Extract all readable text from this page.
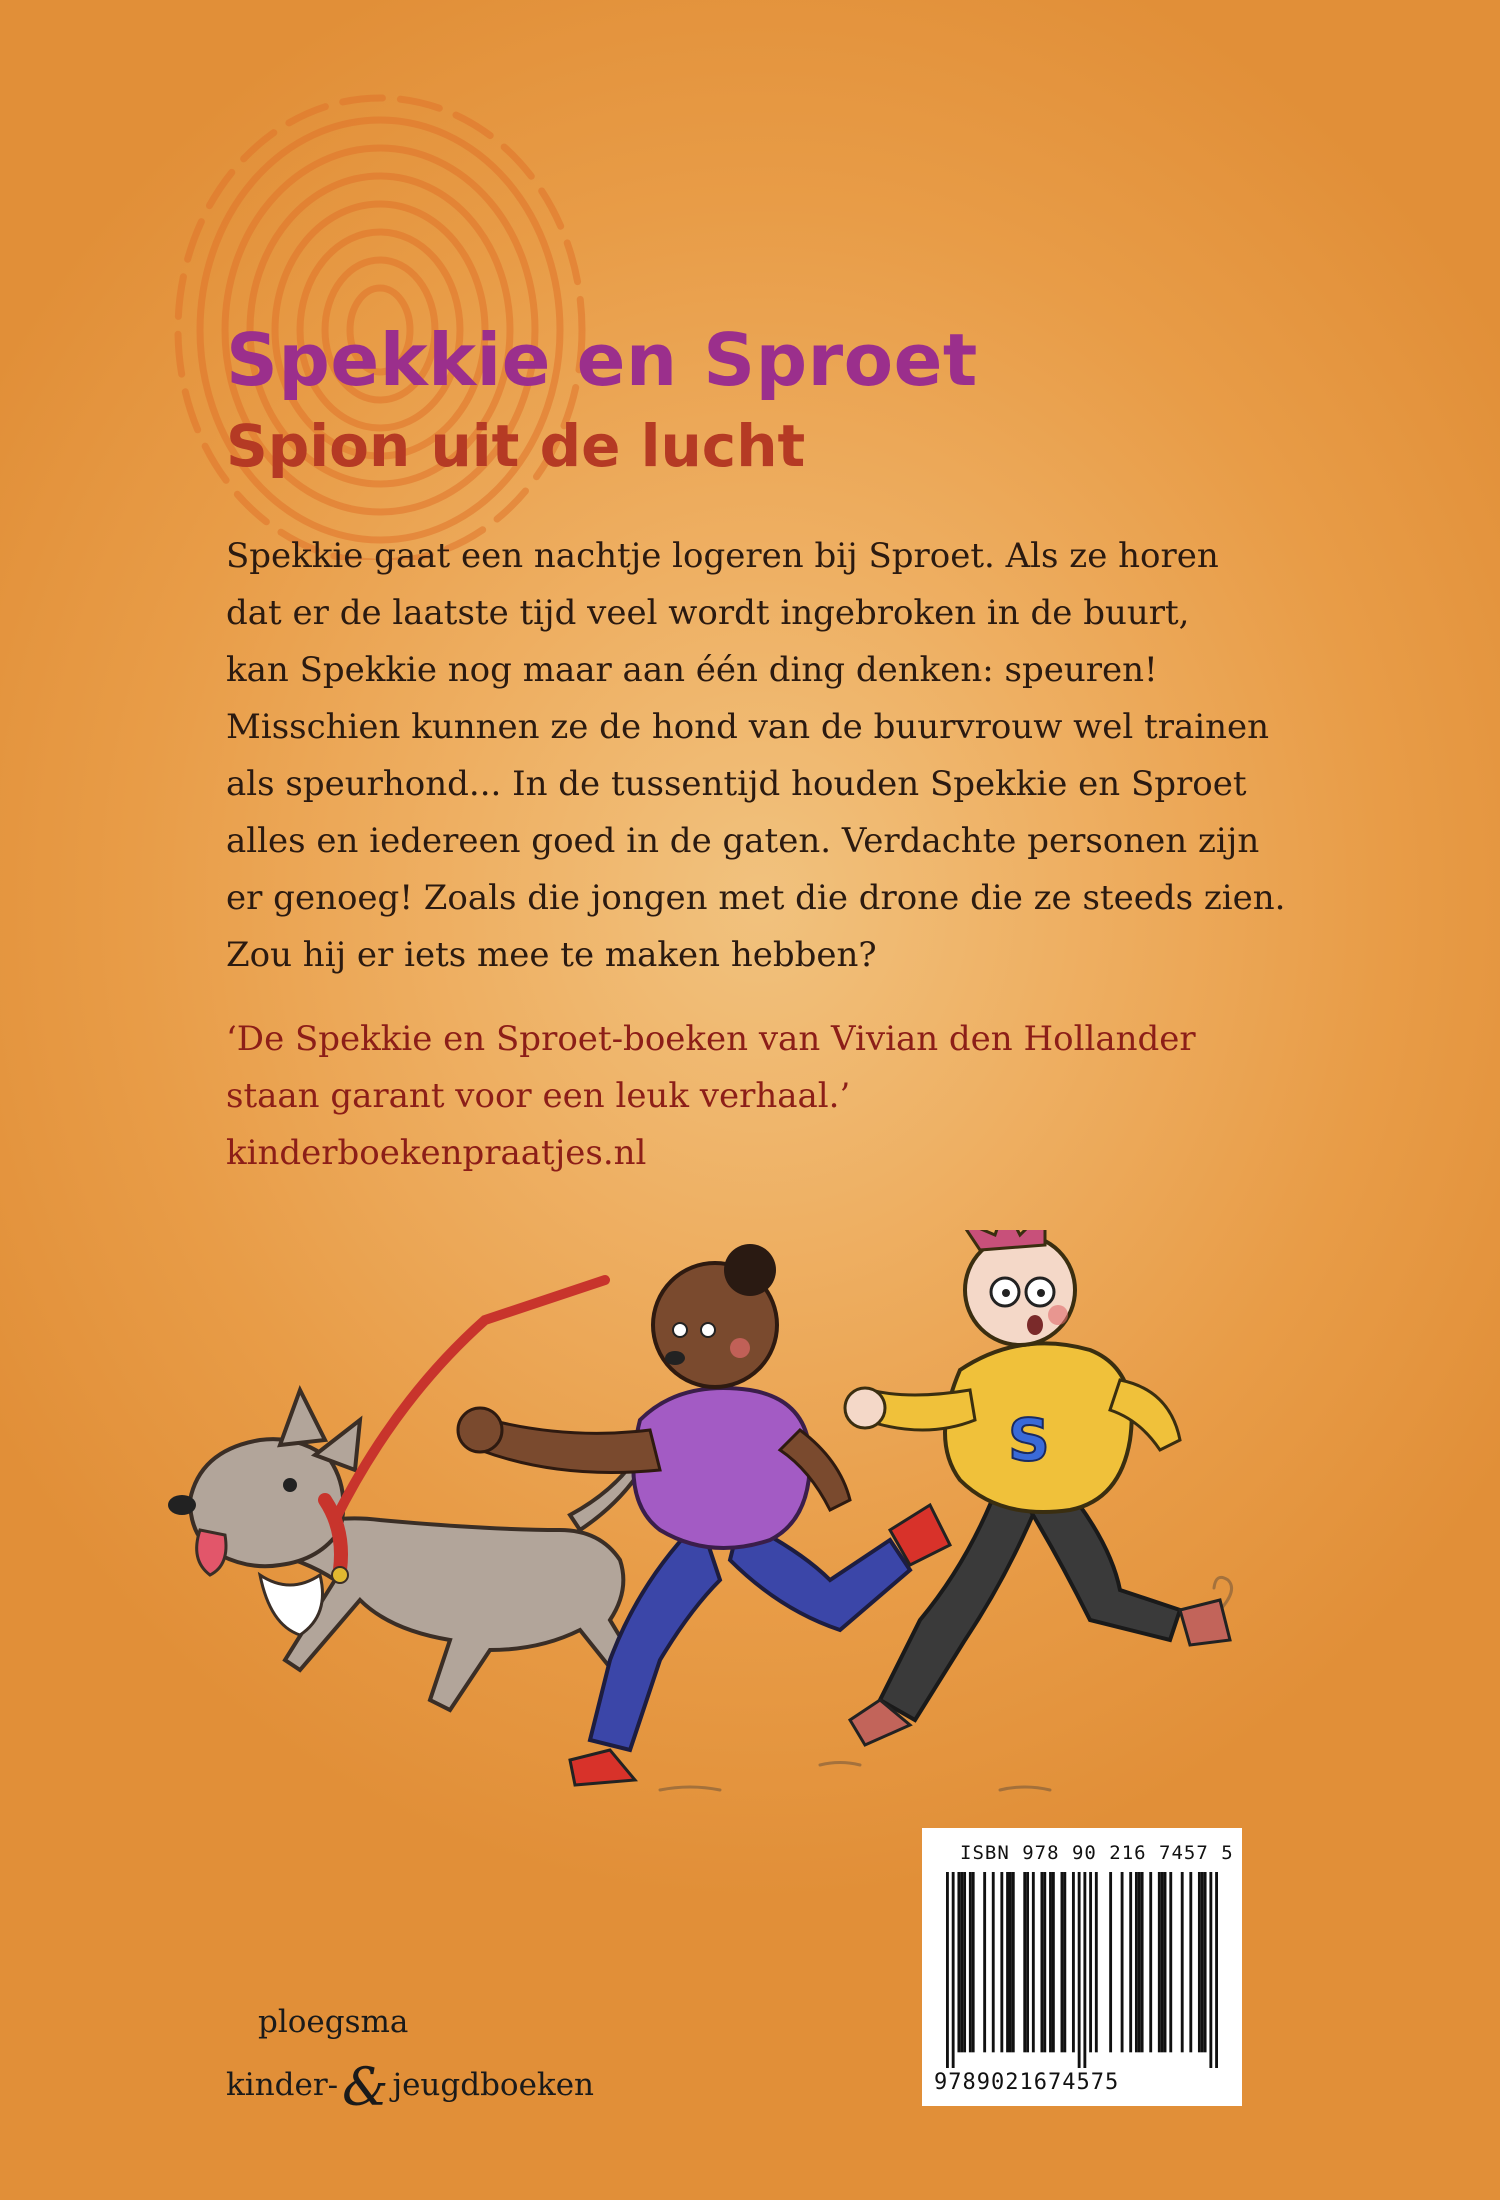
Spekkie en Sproet
Spion uit de lucht
Spekkie gaat een nachtje logeren bij Sproet. Als ze horen
dat er de laatste tijd veel wordt ingebroken in de buurt,
kan Spekkie nog maar aan één ding denken: speuren!
Misschien kunnen ze de hond van de buurvrouw wel trainen
als speurhond... In de tussentijd houden Spekkie en Sproet
alles en iedereen goed in de gaten. Verdachte personen zijn
er genoeg! Zoals die jongen met die drone die ze steeds zien.
Zou hij er iets mee te maken hebben?
‘De Spekkie en Sproet-boeken van Vivian den Hollander
staan garant voor een leuk verhaal.’
kinderboekenpraatjes.nl
S

ISBN 978 90 216 7457 5

9789021674575

ploegsma

kinder-& jeugdboeken
